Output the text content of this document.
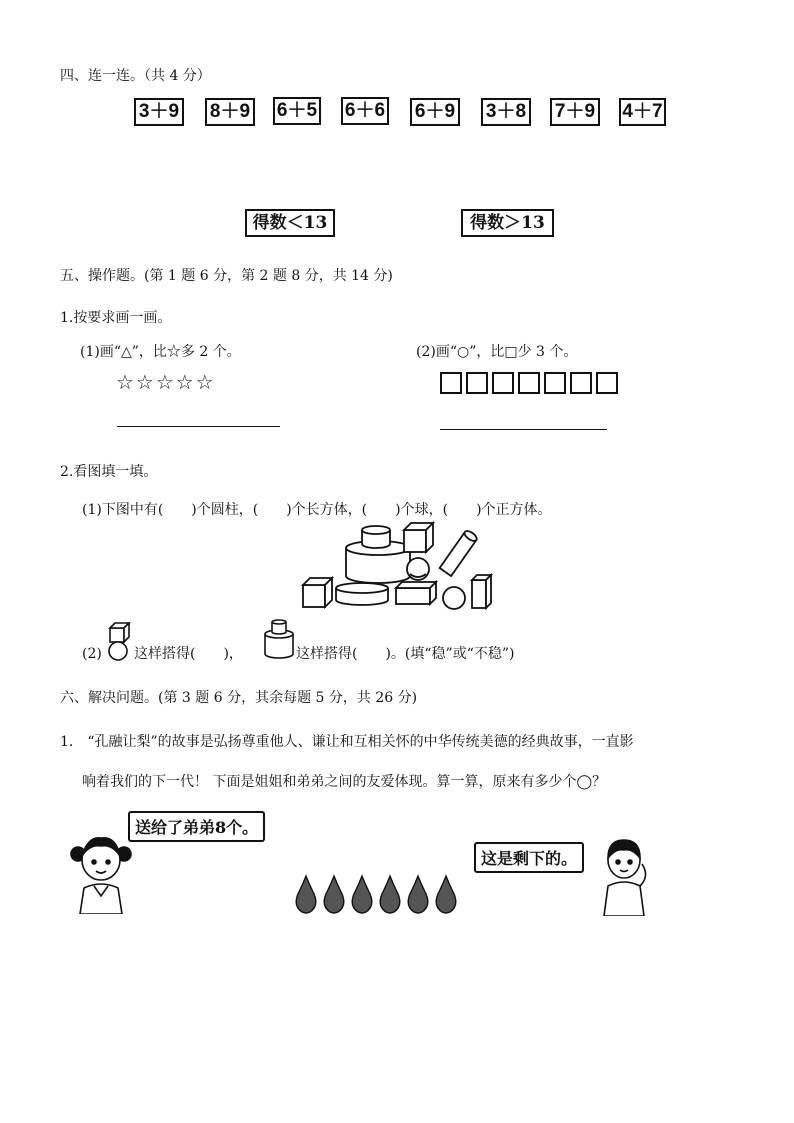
四、连一连。（共 4 分）
3＋9 8＋9 6＋5 6＋6 6＋9 3＋8 7＋9 4＋7
得数＜13	得数＞13
五、操作题。(第 1 题 6 分，第 2 题 8 分，共 14 分)
1.按要求画一画。
(1)画“△”，比☆多 2 个。
☆☆☆☆☆
(2)画“○”，比□少 3 个。
2.看图填一填。
(1)下图中有(　　)个圆柱，(　　)个长方体，(　　)个球，(　　)个正方体。
(2) 这样搭得(　　)，	这样搭得(　　)。(填“稳”或“不稳”)
六、解决问题。(第 3 题 6 分，其余每题 5 分，共 26 分)
1.　“孔融让梨”的故事是弘扬尊重他人、谦让和互相关怀的中华传统美德的经典故事，一直影
响着我们的下一代！ 下面是姐姐和弟弟之间的友爱体现。算一算，原来有多少个◯？
送给了弟弟8个。
这是剩下的。
